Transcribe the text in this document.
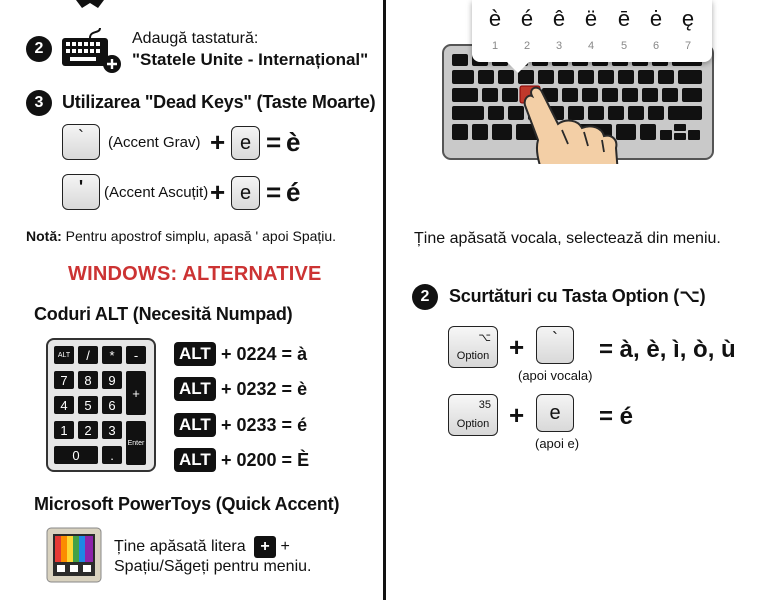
2
Adaugă tastatură:
"Statele Unite - Internațional"
3	Utilizarea "Dead Keys" (Taste Moarte)
` (Accent Grav) + e = è
' (Accent Ascuțit) + e = é
Notă: Pentru apostrof simplu, apasă ' apoi Spațiu.
WINDOWS: ALTERNATIVE
Coduri ALT (Necesită Numpad)
ALT	/	*	-
7	8	9
+
4	5	6
1	2	3
Enter
0	.
ALT + 0224 = à
ALT + 0232 = è
ALT + 0233 = é
ALT + 0200 = È
Microsoft PowerToys (Quick Accent)
Ține apăsată litera + +
Spațiu/Săgeți pentru meniu.
è é ê ë ē ė ę
1	2	3	4	5	6	7
Ține apăsată vocala, selectează din meniu.
2	Scurtături cu Tasta Option (⌥)
⌥
Option + `
(apoi vocala)
= à, è, ì, ò, ù
35
Option +	e
(apoi e)
= é
